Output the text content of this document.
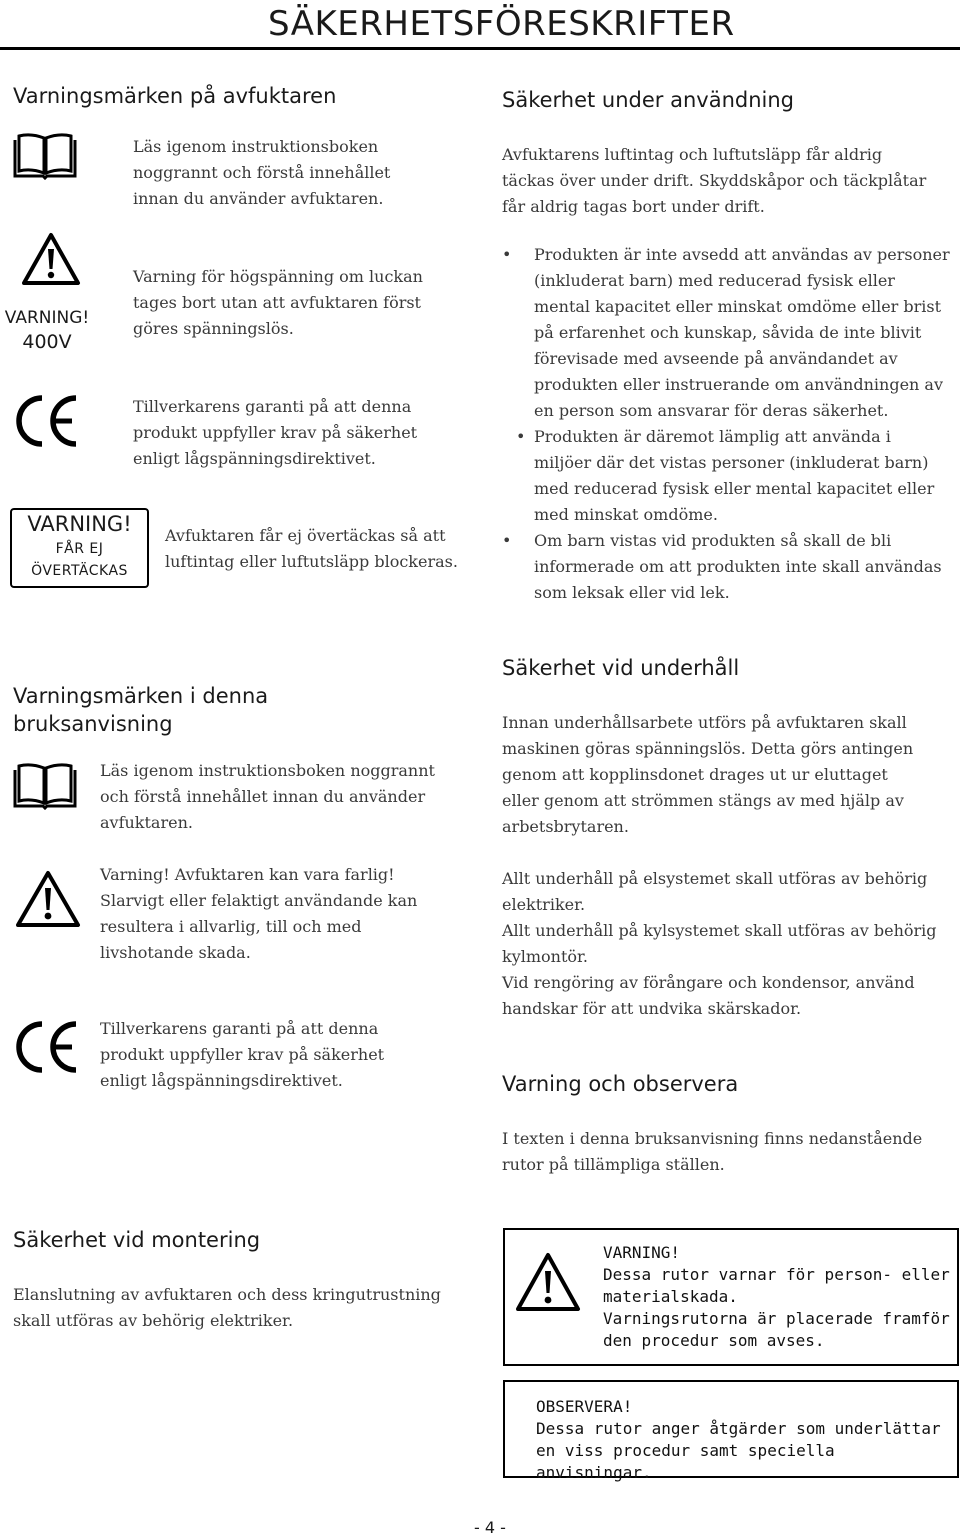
SÄKERHETSFÖRESKRIFTER
Varningsmärken på avfuktaren
Läs igenom instruktionsboken
noggrannt och förstå innehållet
innan du använder avfuktaren.
VARNING!
400V
Varning för högspänning om luckan
tages bort utan att avfuktaren först
göres spänningslös.
Tillverkarens garanti på att denna
produkt uppfyller krav på säkerhet
enligt lågspänningsdirektivet.
VARNING!
FÅR EJ
ÖVERTÄCKAS
Avfuktaren får ej övertäckas så att
luftintag eller luftutsläpp blockeras.
Varningsmärken i denna
bruksanvisning
Läs igenom instruktionsboken noggrannt
och förstå innehållet innan du använder
avfuktaren.
Varning! Avfuktaren kan vara farlig!
Slarvigt eller felaktigt användande kan
resultera i allvarlig, till och med
livshotande skada.
Tillverkarens garanti på att denna
produkt uppfyller krav på säkerhet
enligt lågspänningsdirektivet.
Säkerhet vid montering
Elanslutning av avfuktaren och dess kringutrustning
skall utföras av behörig elektriker.
Säkerhet under användning
Avfuktarens luftintag och luftutsläpp får aldrig
täckas över under drift. Skyddskåpor och täckplåtar
får aldrig tagas bort under drift.
• Produkten är inte avsedd att användas av personer
(inkluderat barn) med reducerad fysisk eller
mental kapacitet eller minskat omdöme eller brist
på erfarenhet och kunskap, såvida de inte blivit
förevisade med avseende på användandet av
produkten eller instruerande om användningen av
en person som ansvarar för deras säkerhet.
• Produkten är däremot lämplig att använda i
miljöer där det vistas personer (inkluderat barn)
med reducerad fysisk eller mental kapacitet eller
med minskat omdöme.
• Om barn vistas vid produkten så skall de bli
informerade om att produkten inte skall användas
som leksak eller vid lek.
Säkerhet vid underhåll
Innan underhållsarbete utförs på avfuktaren skall
maskinen göras spänningslös. Detta görs antingen
genom att kopplinsdonet drages ut ur eluttaget
eller genom att strömmen stängs av med hjälp av
arbetsbrytaren.
Allt underhåll på elsystemet skall utföras av behörig
elektriker.
Allt underhåll på kylsystemet skall utföras av behörig
kylmontör.
Vid rengöring av förångare och kondensor, använd
handskar för att undvika skärskador.
Varning och observera
I texten i denna bruksanvisning finns nedanstående
rutor på tillämpliga ställen.
VARNING!
Dessa rutor varnar för person- eller
materialskada.
Varningsrutorna är placerade framför
den procedur som avses.
OBSERVERA!
Dessa rutor anger åtgärder som underlättar
en viss procedur samt speciella anvisningar.
- 4 -
